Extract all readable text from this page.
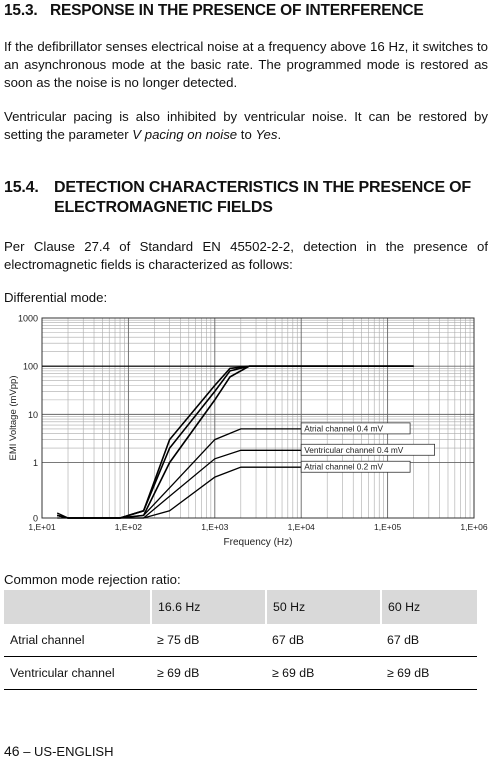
15.3. RESPONSE IN THE PRESENCE OF INTERFERENCE

If the defibrillator senses electrical noise at a frequency above 16 Hz, it switches to an asynchronous mode at the basic rate. The programmed mode is restored as soon as the noise is no longer detected.

Ventricular pacing is also inhibited by ventricular noise. It can be restored by setting the parameter V pacing on noise to Yes.

15.4. DETECTION CHARACTERISTICS IN THE PRESENCE OF ELECTROMAGNETIC FIELDS

Per Clause 27.4 of Standard EN 45502-2-2, detection in the presence of electromagnetic fields is characterized as follows:

Differential mode:

0
1
10
100
1000
1,E+01	1,E+02	1,E+03	1,E+04	1,E+05	1,E+06
Frequency (Hz)
EMI Voltage (mVpp)	Atrial channel 0.4 mV
Ventricular channel 0.4 mV
Atrial channel 0.2 mV

Common mode rejection ratio:

	16.6 Hz	50 Hz	60 Hz
Atrial channel	≥ 75 dB	67 dB	67 dB
Ventricular channel	≥ 69 dB	≥ 69 dB	≥ 69 dB
46 – US-ENGLISH
